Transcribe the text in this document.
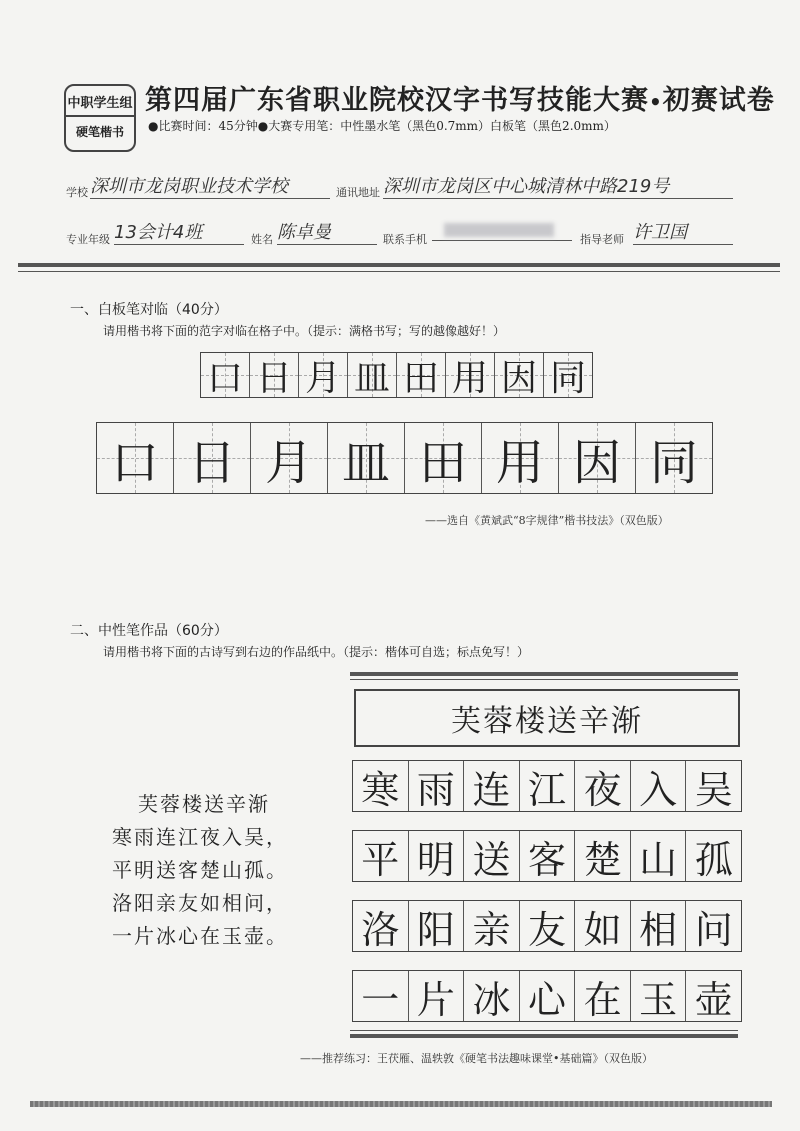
中职学生组
硬笔楷书
第四届广东省职业院校汉字书写技能大赛•初赛试卷
●比赛时间：45分钟●大赛专用笔：中性墨水笔（黑色0.7mm）白板笔（黑色2.0mm）
学校 深圳市龙岗职业技术学校	通讯地址 深圳市龙岗区中心城清林中路219号
专业年级 13会计4班	姓名 陈卓曼	联系手机	指导老师 许卫国
一、白板笔对临（40分）
请用楷书将下面的范字对临在格子中。（提示：满格书写；写的越像越好！）
口 日 月 皿 田 用 因 同
口 日 月 皿 田 用 因 同
——选自《黄斌武“8字规律”楷书技法》（双色版）
二、中性笔作品（60分）
请用楷书将下面的古诗写到右边的作品纸中。（提示：楷体可自选；标点免写！）
芙蓉楼送辛渐
寒雨连江夜入吴，
平明送客楚山孤。
洛阳亲友如相问，
一片冰心在玉壶。
芙蓉楼送辛渐
寒 雨 连 江 夜 入 吴
平 明 送 客 楚 山 孤
洛 阳 亲 友 如 相 问
一 片 冰 心 在 玉 壶
——推荐练习：王茯雁、温轶敦《硬笔书法趣味课堂•基础篇》（双色版）
